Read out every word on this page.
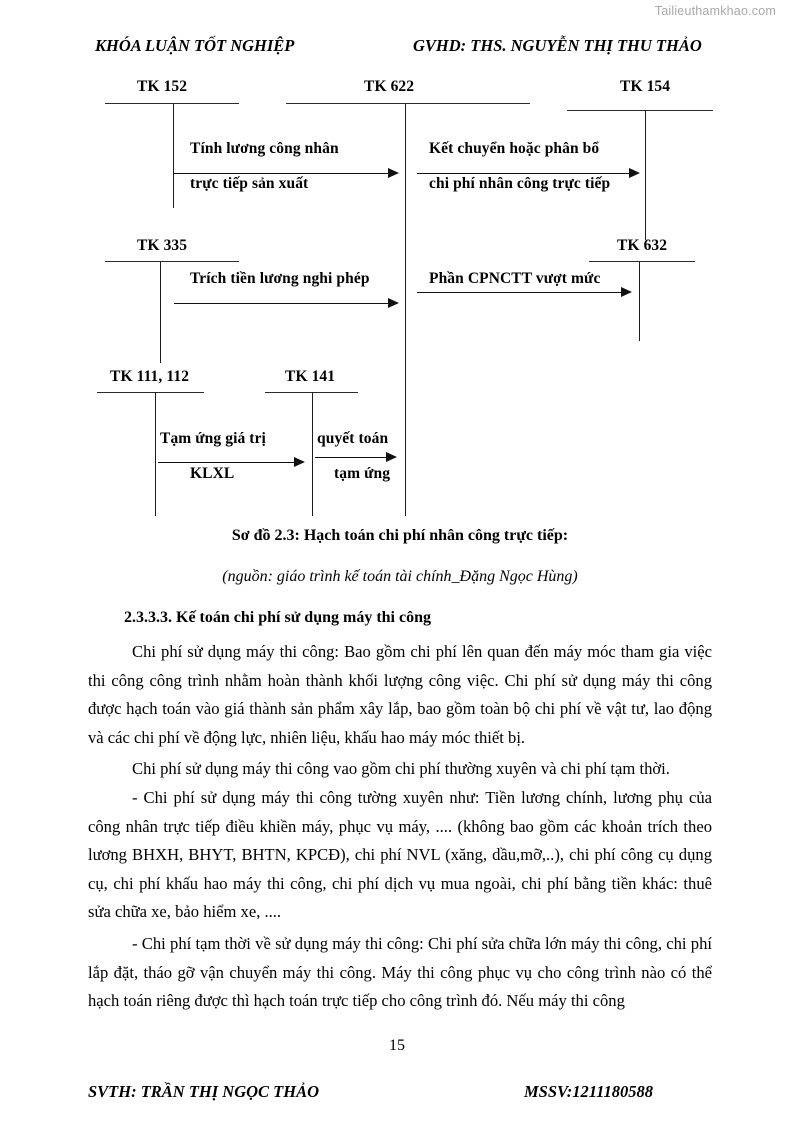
Tailieuthamkhao.com
KHÓA LUẬN TỐT NGHIỆP	GVHD: THS. NGUYỄN THỊ THU THẢO
TK 152	TK 622	TK 154
Tính lương công nhân
trực tiếp sản xuất
Kết chuyển hoặc phân bổ
chi phí nhân công trực tiếp
TK 335	TK 632
Trích tiền lương nghi phép	Phần CPNCTT vượt mức
TK 111, 112	TK 141
Tạm ứng giá trị
KLXL
quyết toán
tạm ứng
Sơ đồ 2.3: Hạch toán chi phí nhân công trực tiếp:
(nguồn: giáo trình kế toán tài chính_Đặng Ngọc Hùng)
2.3.3.3. Kế toán chi phí sử dụng máy thi công
Chi phí sử dụng máy thi công: Bao gồm chi phí lên quan đến máy móc tham gia việc thi công công trình nhằm hoàn thành khối lượng công việc. Chi phí sử dụng máy thi công được hạch toán vào giá thành sản phẩm xây lắp, bao gồm toàn bộ chi phí về vật tư, lao động và các chi phí về động lực, nhiên liệu, khấu hao máy móc thiết bị.
Chi phí sử dụng máy thi công vao gồm chi phí thường xuyên và chi phí tạm thời.
- Chi phí sử dụng máy thi công tường xuyên như: Tiền lương chính, lương phụ của công nhân trực tiếp điều khiền máy, phục vụ máy, .... (không bao gồm các khoản trích theo lương BHXH, BHYT, BHTN, KPCĐ), chi phí NVL (xăng, dầu,mỡ,..), chi phí công cụ dụng cụ, chi phí khấu hao máy thi công, chi phí dịch vụ mua ngoài, chi phí bằng tiền khác: thuê sửa chữa xe, bảo hiểm xe, ....
- Chi phí tạm thời về sử dụng máy thi công: Chi phí sửa chữa lớn máy thi công, chi phí lắp đặt, tháo gỡ vận chuyển máy thi công. Máy thi công phục vụ cho công trình nào có thể hạch toán riêng được thì hạch toán trực tiếp cho công trình đó. Nếu máy thi công
15
SVTH: TRẦN THỊ NGỌC THẢO	MSSV:1211180588
